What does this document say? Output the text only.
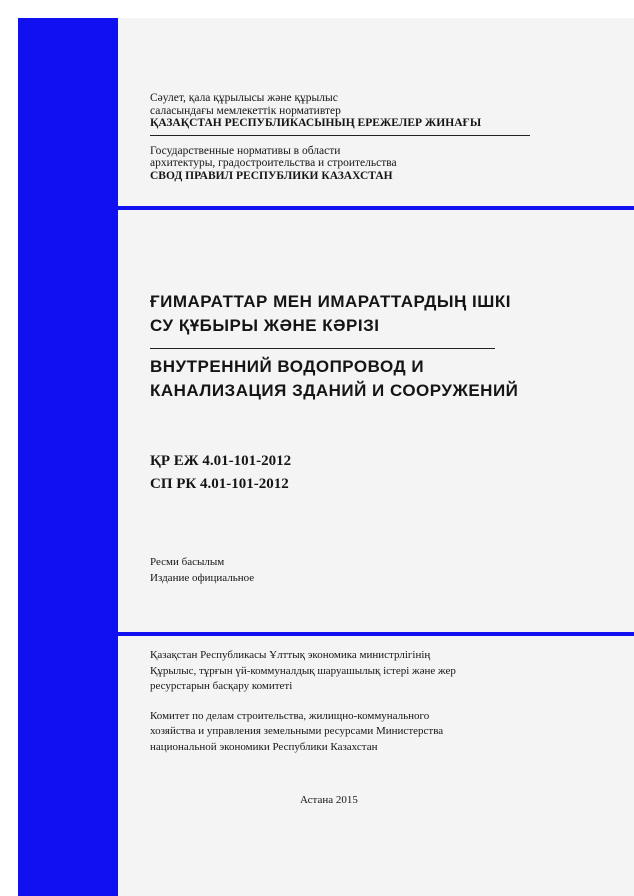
Сәулет, қала құрылысы және құрылыс
саласындағы мемлекеттік нормативтер
ҚАЗАҚСТАН РЕСПУБЛИКАСЫНЫҢ ЕРЕЖЕЛЕР ЖИНАҒЫ
Государственные нормативы в области
архитектуры, градостроительства и строительства
СВОД ПРАВИЛ РЕСПУБЛИКИ КАЗАХСТАН
ҒИМАРАТТАР МЕН ИМАРАТТАРДЫҢ ІШКІ
СУ ҚҰБЫРЫ ЖӘНЕ КӘРІЗІ
ВНУТРЕННИЙ ВОДОПРОВОД И
КАНАЛИЗАЦИЯ ЗДАНИЙ И СООРУЖЕНИЙ
ҚР ЕЖ 4.01-101-2012
СП РК 4.01-101-2012
Ресми басылым
Издание официальное
Қазақстан Республикасы Ұлттық экономика министрлігінің
Құрылыс, тұрғын үй-коммуналдық шаруашылық істері және жер
ресурстарын басқару комитеті
Комитет по делам строительства, жилищно-коммунального
хозяйства и управления земельными ресурсами Министерства
национальной экономики Республики Казахстан
Астана 2015
